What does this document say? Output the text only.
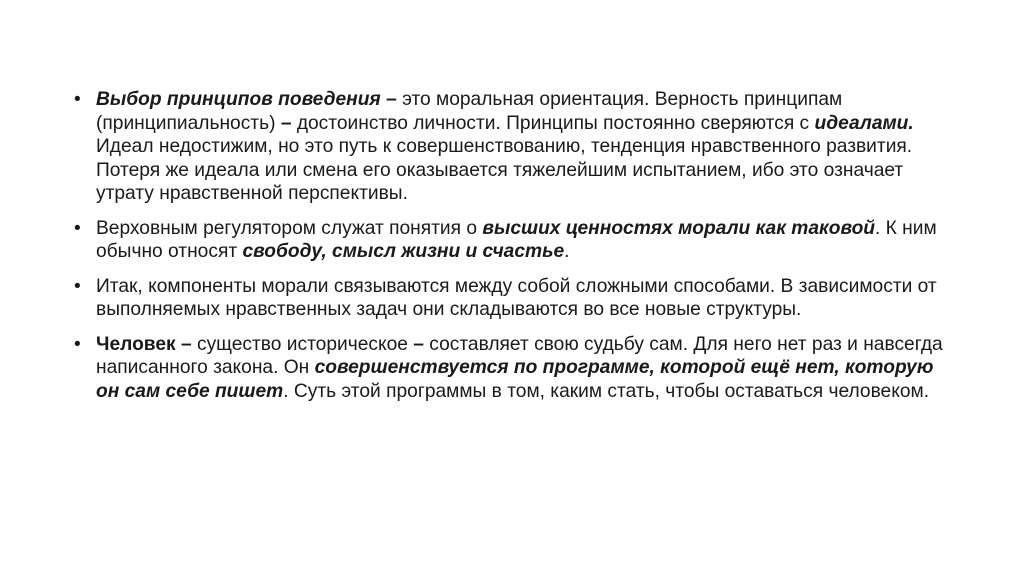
• Выбор принципов поведения – это моральная ориентация. Верность принципам (принципиальность) – достоинство личности. Принципы постоянно сверяются с идеалами. Идеал недостижим, но это путь к совершенствованию, тенденция нравственного развития. Потеря же идеала или смена его оказывается тяжелейшим испытанием, ибо это означает утрату нравственной перспективы.
• Верховным регулятором служат понятия о высших ценностях морали как таковой. К ним обычно относят свободу, смысл жизни и счастье.
• Итак, компоненты морали связываются между собой сложными способами. В зависимости от выполняемых нравственных задач они складываются во все новые структуры.
• Человек – существо историческое – составляет свою судьбу сам. Для него нет раз и навсегда написанного закона. Он совершенствуется по программе, которой ещё нет, которую он сам себе пишет. Суть этой программы в том, каким стать, чтобы оставаться человеком.
